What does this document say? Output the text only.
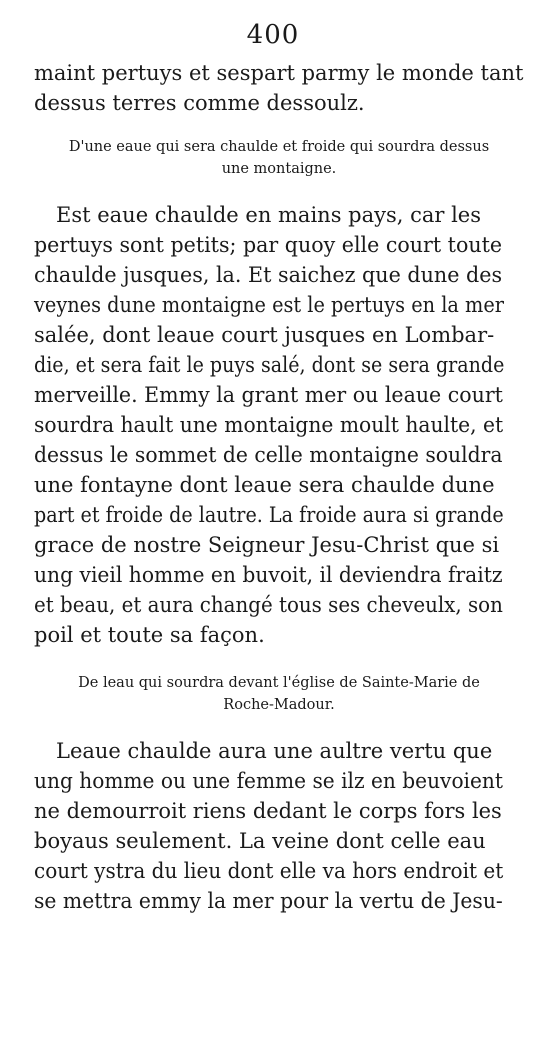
400

maint pertuys et sespart parmy le monde tant
dessus terres comme dessoulz.

D'une eaue qui sera chaulde et froide qui sourdra dessus
une montaigne.

Est eaue chaulde en mains pays, car les
pertuys sont petits; par quoy elle court toute
chaulde jusques, la. Et saichez que dune des
veynes dune montaigne est le pertuys en la mer
salée, dont leaue court jusques en Lombar-
die, et sera fait le puys salé, dont se sera grande
merveille. Emmy la grant mer ou leaue court
sourdra hault une montaigne moult haulte, et
dessus le sommet de celle montaigne souldra
une fontayne dont leaue sera chaulde dune
part et froide de lautre. La froide aura si grande
grace de nostre Seigneur Jesu-Christ que si
ung vieil homme en buvoit, il deviendra fraitz
et beau, et aura changé tous ses cheveulx, son
poil et toute sa façon.

De leau qui sourdra devant l'église de Sainte-Marie de
Roche-Madour.

Leaue chaulde aura une aultre vertu que
ung homme ou une femme se ilz en beuvoient
ne demourroit riens dedant le corps fors les
boyaus seulement. La veine dont celle eau
court ystra du lieu dont elle va hors endroit et
se mettra emmy la mer pour la vertu de Jesu-
